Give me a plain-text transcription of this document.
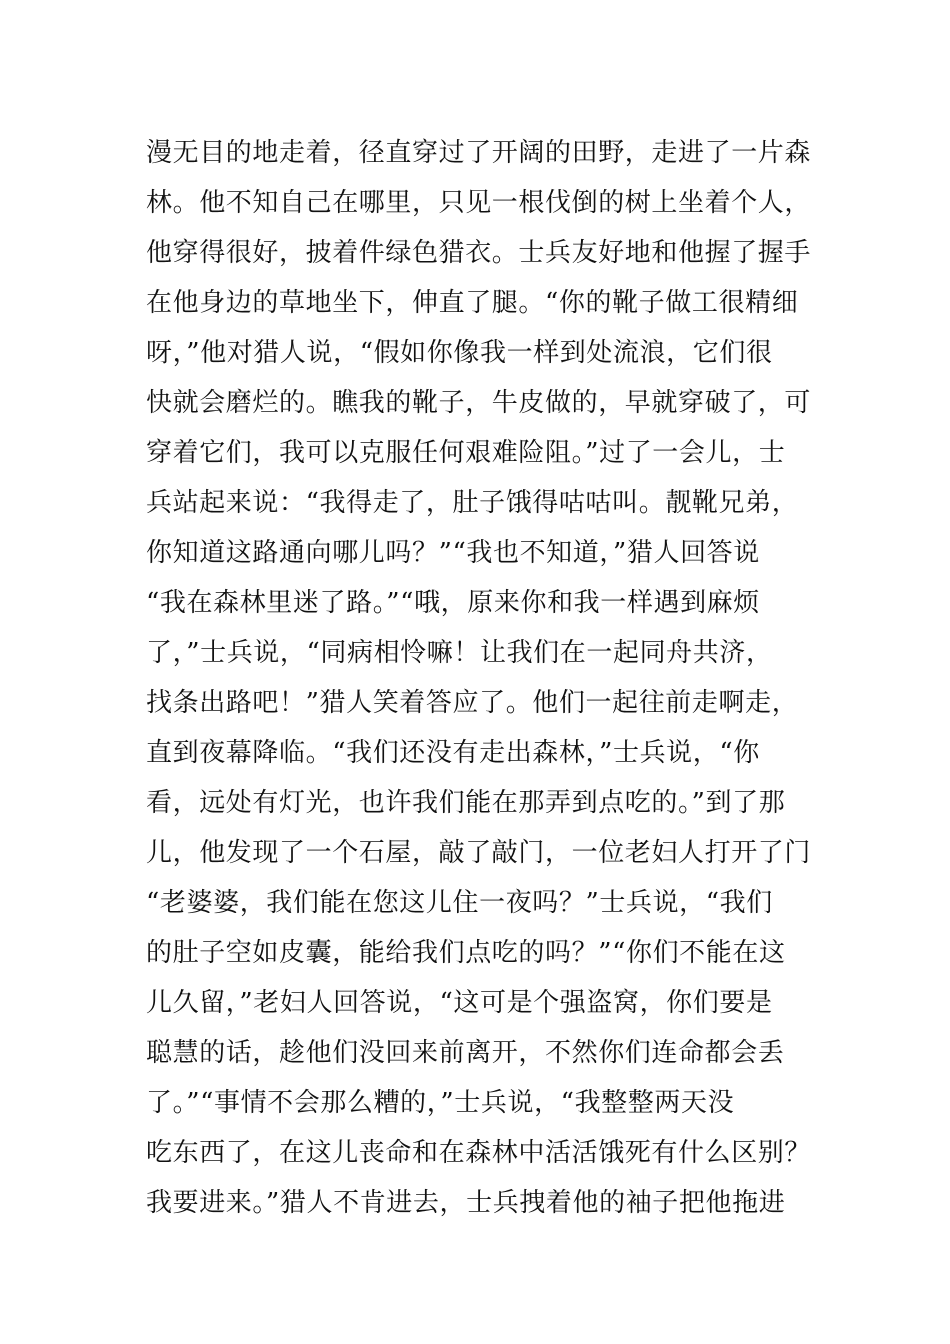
漫无目的地走着，径直穿过了开阔的田野，走进了一片森
林。他不知自己在哪里，只见一根伐倒的树上坐着个人，
他穿得很好，披着件绿色猎衣。士兵友好地和他握了握手
在他身边的草地坐下，伸直了腿。“你的靴子做工很精细
呀，”他对猎人说，“假如你像我一样到处流浪，它们很
快就会磨烂的。瞧我的靴子，牛皮做的，早就穿破了，可
穿着它们，我可以克服任何艰难险阻。”过了一会儿，士
兵站起来说：“我得走了，肚子饿得咕咕叫。靓靴兄弟，
你知道这路通向哪儿吗？”“我也不知道，”猎人回答说
“我在森林里迷了路。”“哦，原来你和我一样遇到麻烦
了，”士兵说，“同病相怜嘛！让我们在一起同舟共济，
找条出路吧！”猎人笑着答应了。他们一起往前走啊走，
直到夜幕降临。“我们还没有走出森林，”士兵说，“你
看，远处有灯光，也许我们能在那弄到点吃的。”到了那
儿，他发现了一个石屋，敲了敲门，一位老妇人打开了门
“老婆婆，我们能在您这儿住一夜吗？”士兵说，“我们
的肚子空如皮囊，能给我们点吃的吗？”“你们不能在这
儿久留，”老妇人回答说，“这可是个强盗窝，你们要是
聪慧的话，趁他们没回来前离开，不然你们连命都会丢
了。”“事情不会那么糟的，”士兵说，“我整整两天没
吃东西了，在这儿丧命和在森林中活活饿死有什么区别？
我要进来。”猎人不肯进去，士兵拽着他的袖子把他拖进
